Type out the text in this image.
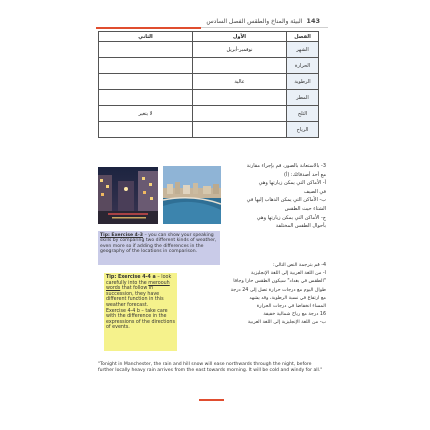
143
البيئة والمناخ والطقس الفصل السادس
الثاني	الأول	الفصل
	نوفمبر-أبريل	الشهر
		الحرارة
	عالية	الرطوبة
		المطر
لا يتغير		الثلج
		الرياح
3- بالاستعانة بالصور، قم بإجراء مقارنة
مع أحد أصدقائك: (أ)
أ- الأماكن التي يمكن زيارتها وهي
في الصيف
ب- الأماكن التي يمكن الذهاب إليها في
الشتاء حيث الطقس
ج- الأماكن التي يمكن زيارتها وهي
بأحوال الطقس المختلفة
Tip: Exercise 4-3 – you can show your speaking skills by comparing two different kinds of weather, even more so if adding the differences in the geography of the locations in comparison.
Tip: Exercise 4-4 a – look carefully into the meroouh words that follow in succession, they have different function in this weather forecast.
Exercise 4-4 b – take care with the difference in the expressions of the directions of events.
4- قم بترجمة النص التالي:
أ- من اللغة العربية إلى اللغة الإنجليزية
"الطقس في بغداد" سيكون الطقس حاراً وجافاً
طوال اليوم مع درجات حرارة تصل إلى 24 درجة
مع ارتفاع في نسبة الرطوبة، وقد يشهد
المساء انخفاضاً في درجات الحرارة
16 درجة مع رياح شمالية خفيفة
ب- من اللغة الإنجليزية إلى اللغة العربية
"Tonight in Manchester, the rain and hill snow will ease northwards through the night, before further locally heavy rain arrives from the east towards morning. It will be cold and windy for all."
